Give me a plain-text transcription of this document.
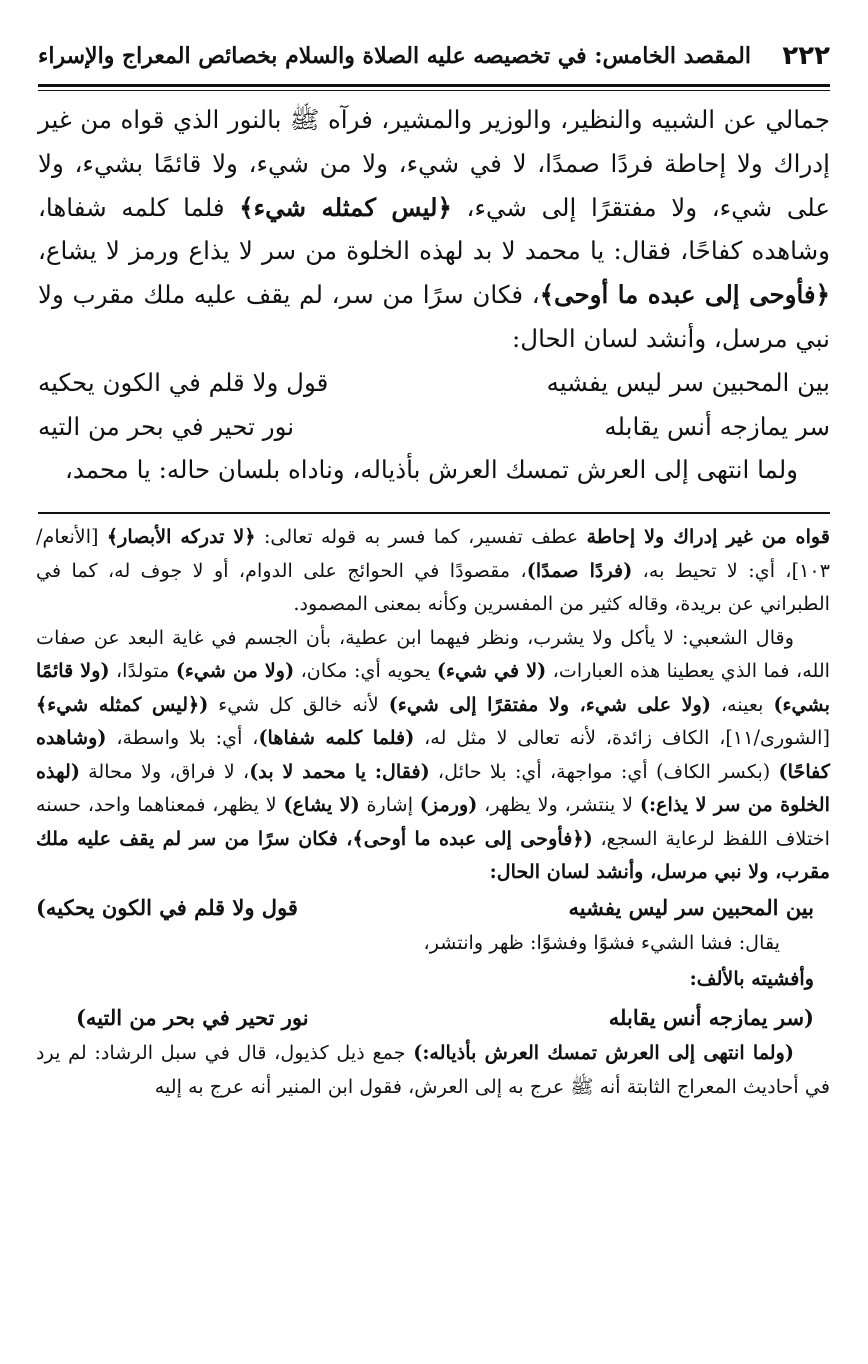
٢٢٢
المقصد الخامس: في تخصيصه عليه الصلاة والسلام بخصائص المعراج والإسراء

جمالي عن الشبيه والنظير، والوزير والمشير، فرآه ﷺ بالنور الذي قواه من غير إدراك ولا إحاطة فردًا صمدًا، لا في شيء، ولا من شيء، ولا قائمًا بشيء، ولا على شيء، ولا مفتقرًا إلى شيء، ﴿ليس كمثله شيء﴾ فلما كلمه شفاها، وشاهده كفاحًا، فقال: يا محمد لا بد لهذه الخلوة من سر لا يذاع ورمز لا يشاع، ﴿فأوحى إلى عبده ما أوحى﴾، فكان سرًا من سر، لم يقف عليه ملك مقرب ولا نبي مرسل، وأنشد لسان الحال:

بين المحبين سر ليس يفشيه
قول ولا قلم في الكون يحكيه
سر يمازجه أنس يقابله
نور تحير في بحر من التيه

ولما انتهى إلى العرش تمسك العرش بأذياله، وناداه بلسان حاله: يا محمد،

قواه من غير إدراك ولا إحاطة عطف تفسير، كما فسر به قوله تعالى: ﴿لا تدركه الأبصار﴾ [الأنعام/١٠٣]، أي: لا تحيط به، (فردًا صمدًا)، مقصودًا في الحوائج على الدوام، أو لا جوف له، كما في الطبراني عن بريدة، وقاله كثير من المفسرين وكأنه بمعنى المصمود.

وقال الشعبي: لا يأكل ولا يشرب، ونظر فيهما ابن عطية، بأن الجسم في غاية البعد عن صفات الله، فما الذي يعطينا هذه العبارات، (لا في شيء) يحويه أي: مكان، (ولا من شيء) متولدًا، (ولا قائمًا بشيء) بعينه، (ولا على شيء، ولا مفتقرًا إلى شيء) لأنه خالق كل شيء (﴿ليس كمثله شيء﴾ [الشورى/١١]، الكاف زائدة، لأنه تعالى لا مثل له، (فلما كلمه شفاها)، أي: بلا واسطة، (وشاهده كفاحًا) (بكسر الكاف) أي: مواجهة، أي: بلا حائل، (فقال: يا محمد لا بد)، لا فراق، ولا محالة (لهذه الخلوة من سر لا يذاع:) لا ينتشر، ولا يظهر، (ورمز) إشارة (لا يشاع) لا يظهر، فمعناهما واحد، حسنه اختلاف اللفظ لرعاية السجع، (﴿فأوحى إلى عبده ما أوحى﴾، فكان سرًا من سر لم يقف عليه ملك مقرب، ولا نبي مرسل، وأنشد لسان الحال:

بين المحبين سر ليس يفشيه
قول ولا قلم في الكون يحكيه)

يقال: فشا الشيء فشوًا وفشوًا: ظهر وانتشر،

وأفشيته بالألف:

(سر يمازجه أنس يقابله
نور تحير في بحر من التيه)

(ولما انتهى إلى العرش تمسك العرش بأذياله:) جمع ذيل كذيول، قال في سبل الرشاد: لم يرد في أحاديث المعراج الثابتة أنه ﷺ عرج به إلى العرش، فقول ابن المنير أنه عرج به إليه
